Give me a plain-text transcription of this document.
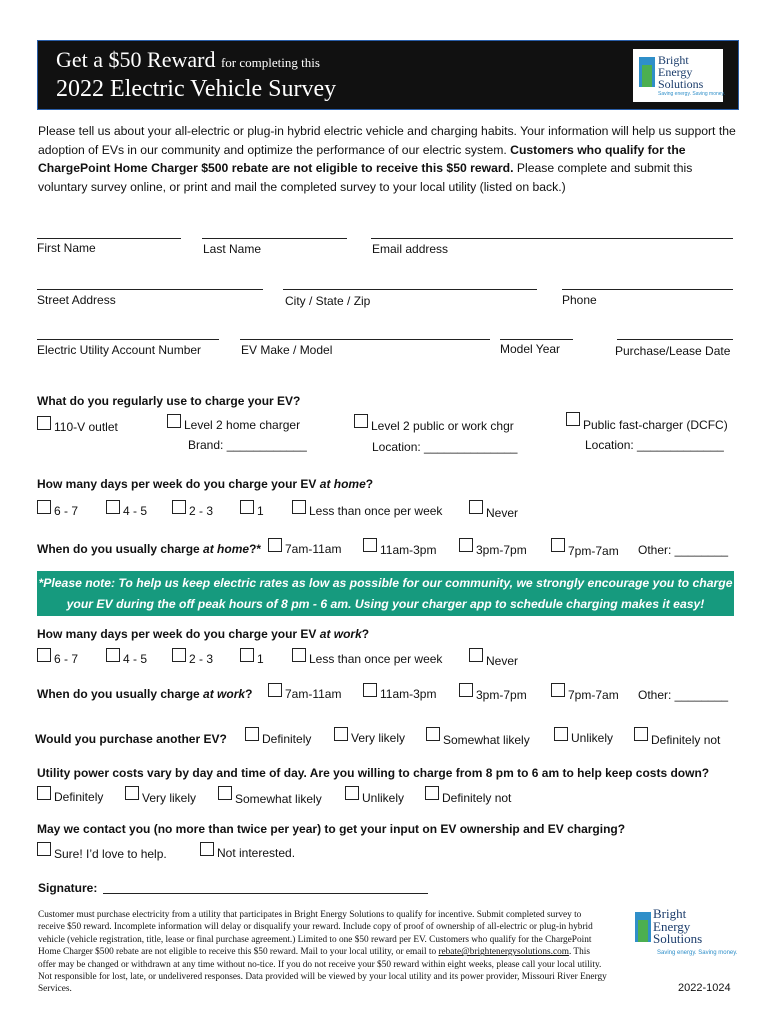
Get a $50 Reward for completing this
2022 Electric Vehicle Survey
Bright
Energy
Solutions
Saving energy. Saving money.
Please tell us about your all-electric or plug-in hybrid electric vehicle and charging habits. Your information will help us support the adoption of EVs in our community and optimize the performance of our electric system. Customers who qualify for the ChargePoint Home Charger $500 rebate are not eligible to receive this $50 reward. Please complete and submit this voluntary survey online, or print and mail the completed survey to your local utility (listed on back.)
First Name	Last Name	Email address
Street Address	City / State / Zip	Phone
Electric Utility Account Number	EV Make / Model	Model Year	Purchase/Lease Date
What do you regularly use to charge your EV?
110-V outlet	Level 2 home charger
Brand: ____________
Level 2 public or work chgr
Location: ______________
Public fast-charger (DCFC)
Location: _____________
How many days per week do you charge your EV at home?
6 - 7	4 - 5	2 - 3	1	Less than once per week	Never
When do you usually charge at home?* 7am-11am	11am-3pm	3pm-7pm	7pm-7am Other: ________
*Please note: To help us keep electric rates as low as possible for our community, we strongly encourage you to charge
your EV during the off peak hours of 8 pm - 6 am. Using your charger app to schedule charging makes it easy!
How many days per week do you charge your EV at work?
6 - 7	4 - 5	2 - 3	1	Less than once per week	Never
When do you usually charge at work?	7am-11am	11am-3pm	3pm-7pm	7pm-7am Other: ________
Would you purchase another EV?	Definitely	Very likely	Somewhat likely	Unlikely	Definitely not
Utility power costs vary by day and time of day. Are you willing to charge from 8 pm to 6 am to help keep costs down?
Definitely	Very likely	Somewhat likely	Unlikely	Definitely not
May we contact you (no more than twice per year) to get your input on EV ownership and EV charging?
Sure! I’d love to help.	Not interested.
Signature:
Customer must purchase electricity from a utility that participates in Bright Energy Solutions to qualify for incentive. Submit completed survey to receive $50 reward. Incomplete information will delay or disqualify your reward. Include copy of proof of ownership of all-electric or plug-in hybrid vehicle (vehicle registration, title, lease or final purchase agreement.) Limited to one $50 reward per EV. Customers who qualify for the ChargePoint Home Charger $500 rebate are not eligible to receive this $50 reward. Mail to your local utility, or email to rebate@brightenergysolutions.com. This offer may be changed or withdrawn at any time without no-tice. If you do not receive your $50 reward within eight weeks, please call your local utility. Not responsible for lost, late, or undelivered responses. Data provided will be viewed by your local utility and its power provider, Missouri River Energy Services.
Bright
Energy
Solutions
Saving energy. Saving money.
2022-1024
